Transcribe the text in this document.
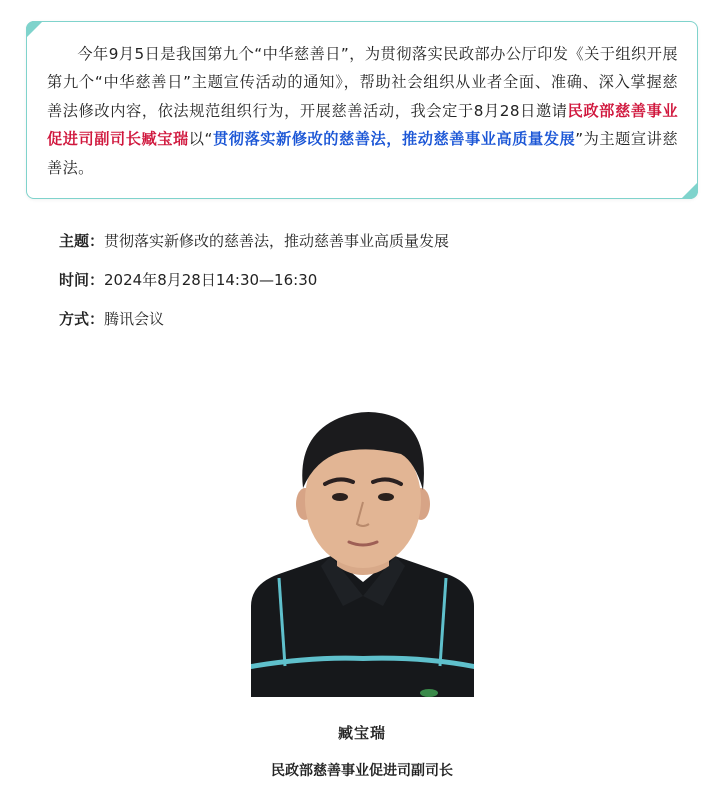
今年9月5日是我国第九个“中华慈善日”，为贯彻落实民政部办公厅印发《关于组织开展第九个“中华慈善日”主题宣传活动的通知》，帮助社会组织从业者全面、准确、深入掌握慈善法修改内容，依法规范组织行为，开展慈善活动，我会定于8月28日邀请民政部慈善事业促进司副司长臧宝瑞以“贯彻落实新修改的慈善法，推动慈善事业高质量发展”为主题宣讲慈善法。

主题：贯彻落实新修改的慈善法，推动慈善事业高质量发展
时间：2024年8月28日14:30—16:30
方式：腾讯会议
臧宝瑞
民政部慈善事业促进司副司长
